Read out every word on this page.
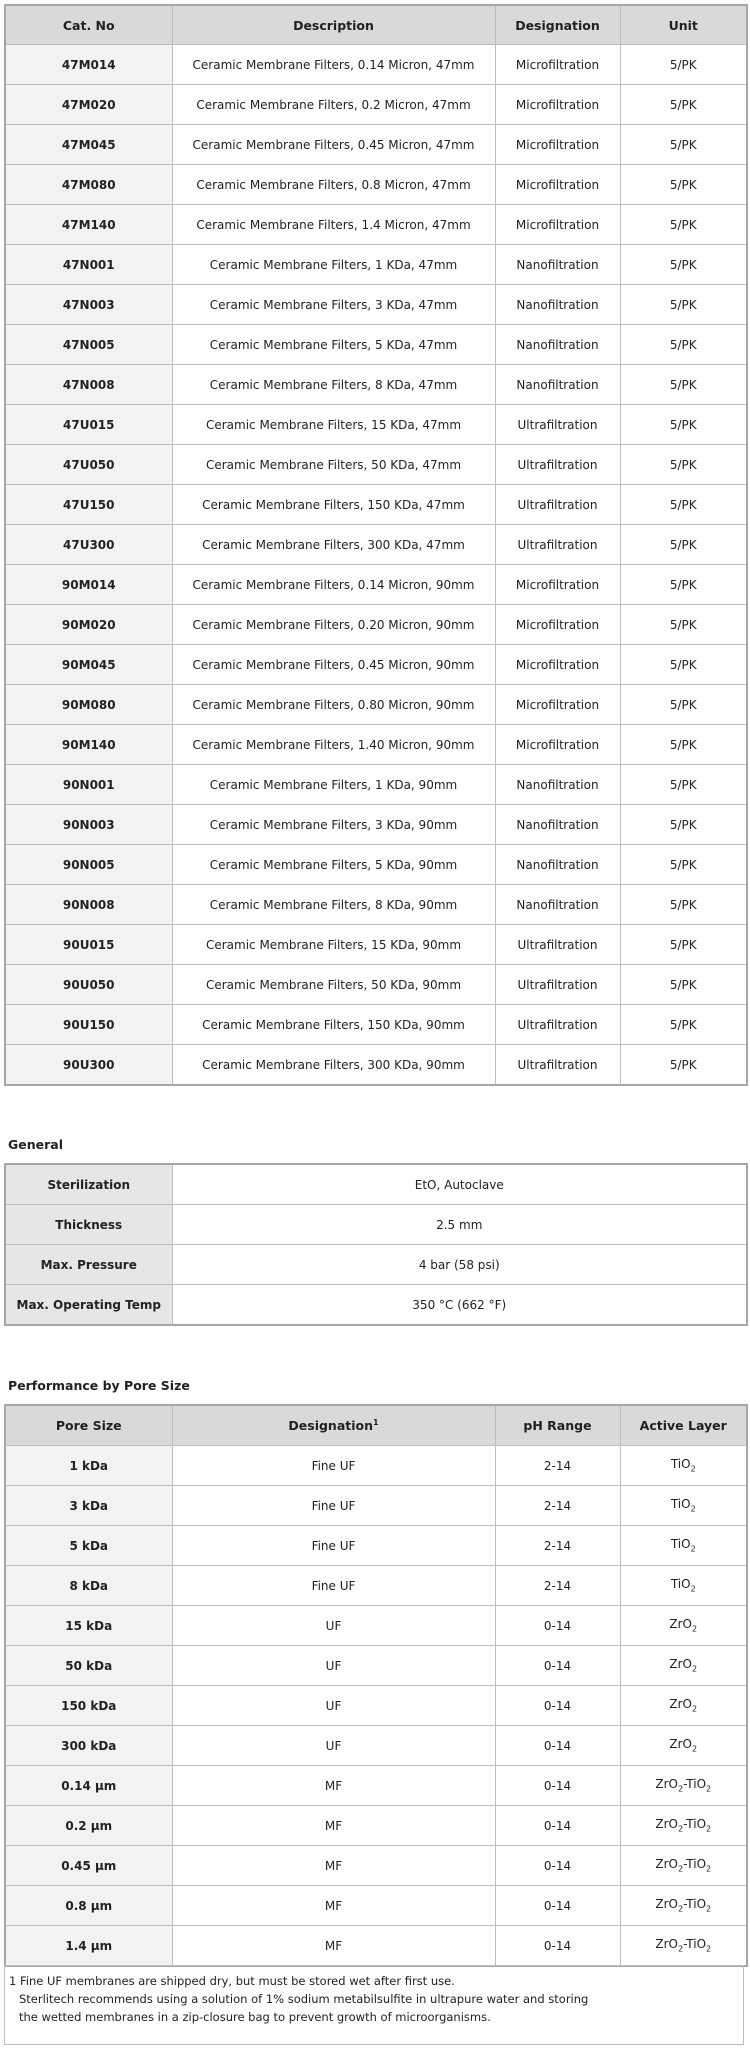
Cat. No	Description	Designation	Unit
47M014	Ceramic Membrane Filters, 0.14 Micron, 47mm	Microfiltration	5/PK
47M020	Ceramic Membrane Filters, 0.2 Micron, 47mm	Microfiltration	5/PK
47M045	Ceramic Membrane Filters, 0.45 Micron, 47mm	Microfiltration	5/PK
47M080	Ceramic Membrane Filters, 0.8 Micron, 47mm	Microfiltration	5/PK
47M140	Ceramic Membrane Filters, 1.4 Micron, 47mm	Microfiltration	5/PK
47N001	Ceramic Membrane Filters, 1 KDa, 47mm	Nanofiltration	5/PK
47N003	Ceramic Membrane Filters, 3 KDa, 47mm	Nanofiltration	5/PK
47N005	Ceramic Membrane Filters, 5 KDa, 47mm	Nanofiltration	5/PK
47N008	Ceramic Membrane Filters, 8 KDa, 47mm	Nanofiltration	5/PK
47U015	Ceramic Membrane Filters, 15 KDa, 47mm	Ultrafiltration	5/PK
47U050	Ceramic Membrane Filters, 50 KDa, 47mm	Ultrafiltration	5/PK
47U150	Ceramic Membrane Filters, 150 KDa, 47mm	Ultrafiltration	5/PK
47U300	Ceramic Membrane Filters, 300 KDa, 47mm	Ultrafiltration	5/PK
90M014	Ceramic Membrane Filters, 0.14 Micron, 90mm	Microfiltration	5/PK
90M020	Ceramic Membrane Filters, 0.20 Micron, 90mm	Microfiltration	5/PK
90M045	Ceramic Membrane Filters, 0.45 Micron, 90mm	Microfiltration	5/PK
90M080	Ceramic Membrane Filters, 0.80 Micron, 90mm	Microfiltration	5/PK
90M140	Ceramic Membrane Filters, 1.40 Micron, 90mm	Microfiltration	5/PK
90N001	Ceramic Membrane Filters, 1 KDa, 90mm	Nanofiltration	5/PK
90N003	Ceramic Membrane Filters, 3 KDa, 90mm	Nanofiltration	5/PK
90N005	Ceramic Membrane Filters, 5 KDa, 90mm	Nanofiltration	5/PK
90N008	Ceramic Membrane Filters, 8 KDa, 90mm	Nanofiltration	5/PK
90U015	Ceramic Membrane Filters, 15 KDa, 90mm	Ultrafiltration	5/PK
90U050	Ceramic Membrane Filters, 50 KDa, 90mm	Ultrafiltration	5/PK
90U150	Ceramic Membrane Filters, 150 KDa, 90mm	Ultrafiltration	5/PK
90U300	Ceramic Membrane Filters, 300 KDa, 90mm	Ultrafiltration	5/PK
General
Sterilization	EtO, Autoclave
Thickness	2.5 mm
Max. Pressure	4 bar (58 psi)
Max. Operating Temp	350 °C (662 °F)
Performance by Pore Size
Pore Size	Designation$^1$	pH Range	Active Layer
1 kDa	Fine UF	2-14	TiO$_2$
3 kDa	Fine UF	2-14	TiO$_2$
5 kDa	Fine UF	2-14	TiO$_2$
8 kDa	Fine UF	2-14	TiO$_2$
15 kDa	UF	0-14	ZrO$_2$
50 kDa	UF	0-14	ZrO$_2$
150 kDa	UF	0-14	ZrO$_2$
300 kDa	UF	0-14	ZrO$_2$
0.14 µm	MF	0-14	ZrO$_2$-TiO$_2$
0.2 µm	MF	0-14	ZrO$_2$-TiO$_2$
0.45 µm	MF	0-14	ZrO$_2$-TiO$_2$
0.8 µm	MF	0-14	ZrO$_2$-TiO$_2$
1.4 µm	MF	0-14	ZrO$_2$-TiO$_2$
1 Fine UF membranes are shipped dry, but must be stored wet after first use.
Sterlitech recommends using a solution of 1% sodium metabilsulfite in ultrapure water and storing
the wetted membranes in a zip-closure bag to prevent growth of microorganisms.
